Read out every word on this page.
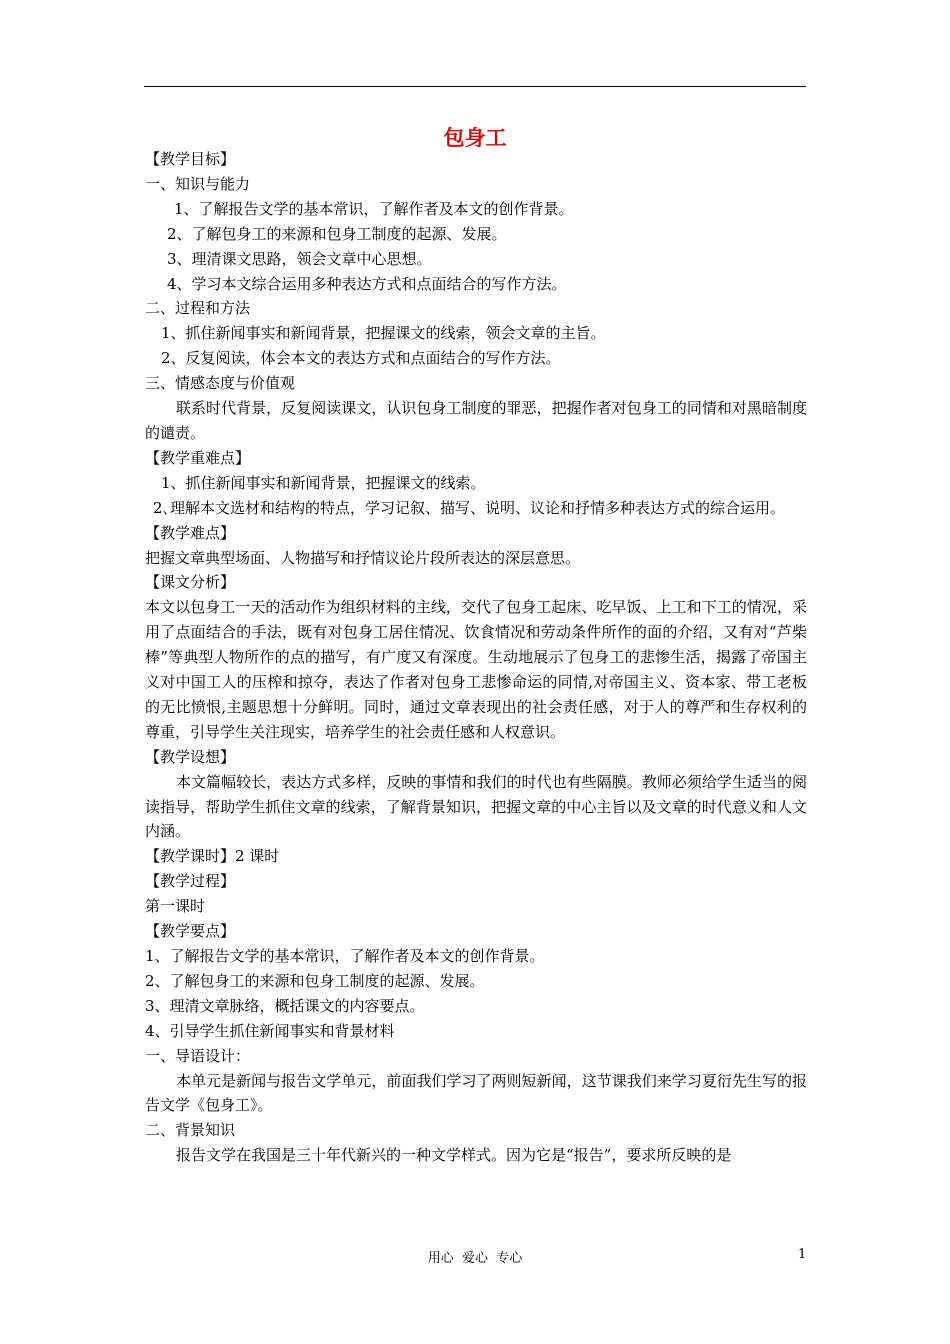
包身工

【教学目标】

一、知识与能力

1、了解报告文学的基本常识，了解作者及本文的创作背景。

2、了解包身工的来源和包身工制度的起源、发展。

3、理清课文思路，领会文章中心思想。

4、学习本文综合运用多种表达方式和点面结合的写作方法。

二、过程和方法

1、抓住新闻事实和新闻背景，把握课文的线索，领会文章的主旨。

2、反复阅读，体会本文的表达方式和点面结合的写作方法。

三、情感态度与价值观

联系时代背景，反复阅读课文，认识包身工制度的罪恶，把握作者对包身工的同情和对黑暗制度的谴责。

【教学重难点】

1、抓住新闻事实和新闻背景，把握课文的线索。

2､理解本文选材和结构的特点，学习记叙、描写、说明、议论和抒情多种表达方式的综合运用。

【教学难点】

把握文章典型场面、人物描写和抒情议论片段所表达的深层意思。

【课文分析】

本文以包身工一天的活动作为组织材料的主线，交代了包身工起床、吃早饭、上工和下工的情况，采用了点面结合的手法，既有对包身工居住情况、饮食情况和劳动条件所作的面的介绍，又有对“芦柴棒”等典型人物所作的点的描写，有广度又有深度。生动地展示了包身工的悲惨生活，揭露了帝国主义对中国工人的压榨和掠夺，表达了作者对包身工悲惨命运的同情,对帝国主义、资本家、带工老板的无比愤恨,主题思想十分鲜明。同时，通过文章表现出的社会责任感，对于人的尊严和生存权利的尊重，引导学生关注现实，培养学生的社会责任感和人权意识。

【教学设想】

本文篇幅较长，表达方式多样，反映的事情和我们的时代也有些隔膜。教师必须给学生适当的阅读指导，帮助学生抓住文章的线索，了解背景知识，把握文章的中心主旨以及文章的时代意义和人文内涵。

【教学课时】2 课时

【教学过程】

第一课时

【教学要点】

1、了解报告文学的基本常识，了解作者及本文的创作背景。

2、了解包身工的来源和包身工制度的起源、发展。

3、理清文章脉络，概括课文的内容要点。

4、引导学生抓住新闻事实和背景材料

一、导语设计：

本单元是新闻与报告文学单元，前面我们学习了两则短新闻，这节课我们来学习夏衍先生写的报告文学《包身工》。

二、背景知识

报告文学在我国是三十年代新兴的一种文学样式。因为它是“报告”，要求所反映的是

用心  爱心  专心	1
